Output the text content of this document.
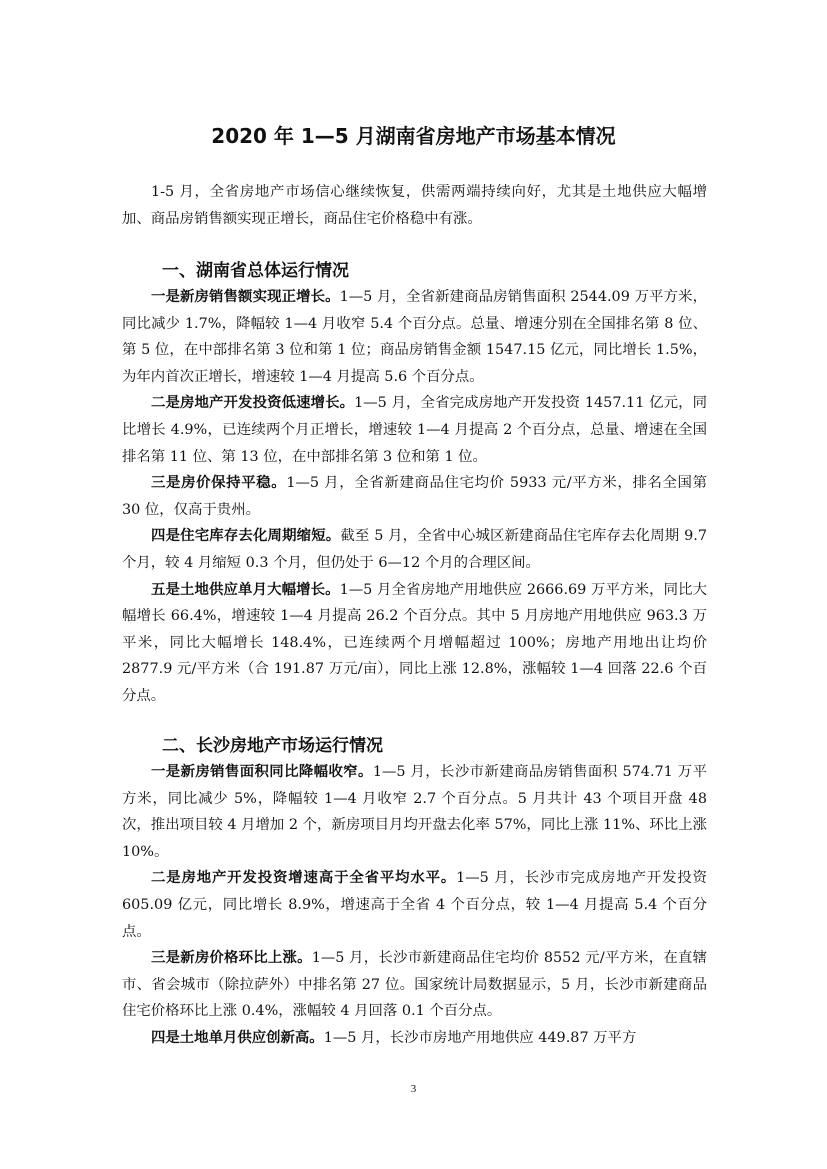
2020 年 1—5 月湖南省房地产市场基本情况

1-5 月，全省房地产市场信心继续恢复，供需两端持续向好，尤其是土地供应大幅增加、商品房销售额实现正增长，商品住宅价格稳中有涨。

一、湖南省总体运行情况

一是新房销售额实现正增长。1—5 月，全省新建商品房销售面积 2544.09 万平方米，同比减少 1.7%，降幅较 1—4 月收窄 5.4 个百分点。总量、增速分别在全国排名第 8 位、第 5 位，在中部排名第 3 位和第 1 位；商品房销售金额 1547.15 亿元，同比增长 1.5%，为年内首次正增长，增速较 1—4 月提高 5.6 个百分点。

二是房地产开发投资低速增长。1—5 月，全省完成房地产开发投资 1457.11 亿元，同比增长 4.9%，已连续两个月正增长，增速较 1—4 月提高 2 个百分点，总量、增速在全国排名第 11 位、第 13 位，在中部排名第 3 位和第 1 位。

三是房价保持平稳。1—5 月，全省新建商品住宅均价 5933 元/平方米，排名全国第 30 位，仅高于贵州。

四是住宅库存去化周期缩短。截至 5 月，全省中心城区新建商品住宅库存去化周期 9.7 个月，较 4 月缩短 0.3 个月，但仍处于 6—12 个月的合理区间。

五是土地供应单月大幅增长。1—5 月全省房地产用地供应 2666.69 万平方米，同比大幅增长 66.4%，增速较 1—4 月提高 26.2 个百分点。其中 5 月房地产用地供应 963.3 万平米，同比大幅增长 148.4%，已连续两个月增幅超过 100%；房地产用地出让均价 2877.9 元/平方米（合 191.87 万元/亩），同比上涨 12.8%，涨幅较 1—4 回落 22.6 个百分点。

二、长沙房地产市场运行情况

一是新房销售面积同比降幅收窄。1—5 月，长沙市新建商品房销售面积 574.71 万平方米，同比减少 5%，降幅较 1—4 月收窄 2.7 个百分点。5 月共计 43 个项目开盘 48 次，推出项目较 4 月增加 2 个，新房项目月均开盘去化率 57%，同比上涨 11%、环比上涨 10%。

二是房地产开发投资增速高于全省平均水平。1—5 月，长沙市完成房地产开发投资 605.09 亿元，同比增长 8.9%，增速高于全省 4 个百分点，较 1—4 月提高 5.4 个百分点。

三是新房价格环比上涨。1—5 月，长沙市新建商品住宅均价 8552 元/平方米，在直辖市、省会城市（除拉萨外）中排名第 27 位。国家统计局数据显示，5 月，长沙市新建商品住宅价格环比上涨 0.4%，涨幅较 4 月回落 0.1 个百分点。

四是土地单月供应创新高。1—5 月，长沙市房地产用地供应 449.87 万平方

3
